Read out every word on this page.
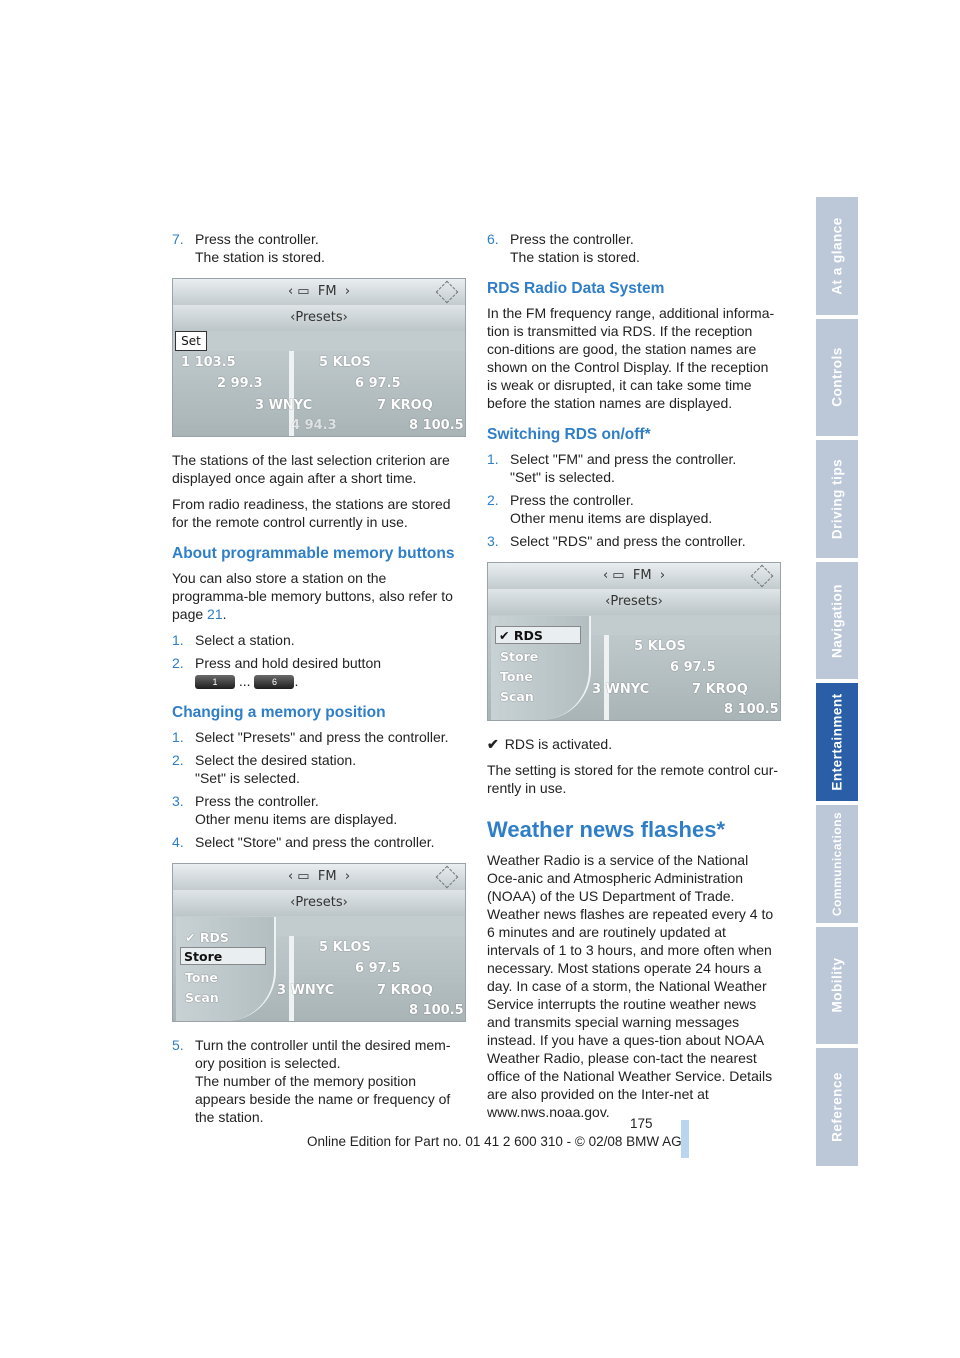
7. Press the controller.
The station is stored.
‹ ▭ FM ›
‹ Presets ›
Set
1 103.5
2 99.3
3 WNYC
4 94.3
5 KLOS
6 97.5
7 KROQ
8 100.5

The stations of the last selection criterion are displayed once again after a short time.

From radio readiness, the stations are stored for the remote control currently in use.

About programmable memory buttons

You can also store a station on the programma-ble memory buttons, also refer to page 21.

1. Select a station.
2. Press and hold desired button
1 ... 6 .
Changing a memory position
1. Select "Presets" and press the controller.
2. Select the desired station.
"Set" is selected.
3. Press the controller.
Other menu items are displayed.
4. Select "Store" and press the controller.
‹ ▭ FM ›
‹ Presets ›
5 KLOS
6 97.5
7 KROQ
8 100.5
3 WNYC
✔ RDS
Store
Tone
Scan
5. Turn the controller until the desired mem-ory position is selected.
The number of the memory position appears beside the name or frequency of the station.
6. Press the controller.
The station is stored.
RDS Radio Data System

In the FM frequency range, additional informa-tion is transmitted via RDS. If the reception con-ditions are good, the station names are shown on the Control Display. If the reception is weak or disrupted, it can take some time before the station names are displayed.

Switching RDS on/off*
1. Select "FM" and press the controller.
"Set" is selected.
2. Press the controller.
Other menu items are displayed.
3. Select "RDS" and press the controller.
‹ ▭ FM ›
‹ Presets ›
5 KLOS
6 97.5
7 KROQ
8 100.5
3 WNYC
✔ RDS
Store
Tone
Scan

✔ RDS is activated.

The setting is stored for the remote control cur-rently in use.

Weather news flashes*

Weather Radio is a service of the National Oce-anic and Atmospheric Administration (NOAA) of the US Department of Trade. Weather news flashes are repeated every 4 to 6 minutes and are routinely updated at intervals of 1 to 3 hours, and more often when necessary. Most stations operate 24 hours a day. In case of a storm, the National Weather Service interrupts the routine weather news and transmits special warning messages instead. If you have a ques-tion about NOAA Weather Radio, please con-tact the nearest office of the National Weather Service. Details are also provided on the Inter-net at www.nws.noaa.gov.

At a glance
Controls
Driving tips
Navigation
Entertainment
Communications
Mobility
Reference
175
Online Edition for Part no. 01 41 2 600 310 - © 02/08 BMW AG
